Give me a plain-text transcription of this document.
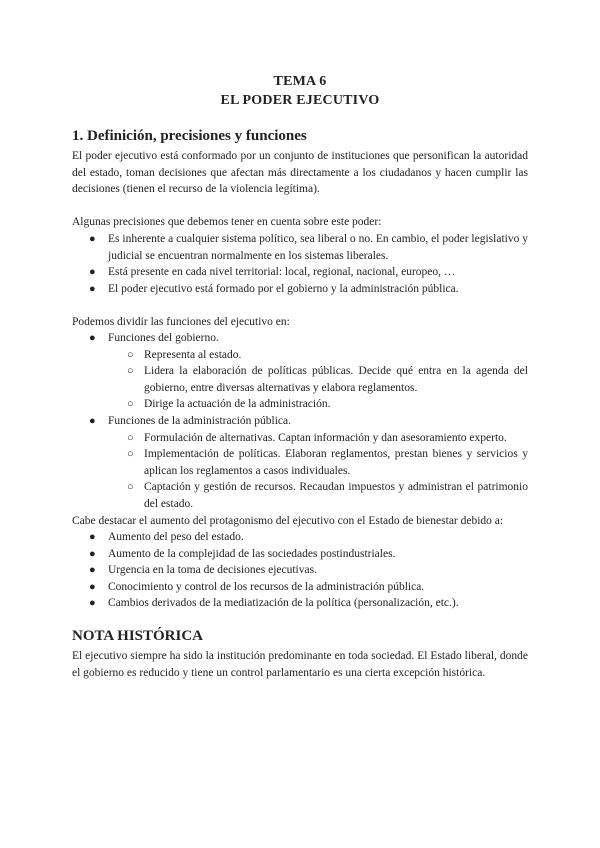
TEMA 6
EL PODER EJECUTIVO
1. Definición, precisiones y funciones
El poder ejecutivo está conformado por un conjunto de instituciones que personifican la autoridad del estado, toman decisiones que afectan más directamente a los ciudadanos y hacen cumplir las decisiones (tienen el recurso de la violencia legítima).
Algunas precisiones que debemos tener en cuenta sobre este poder:
● Es inherente a cualquier sistema político, sea liberal o no. En cambio, el poder legislativo y judicial se encuentran normalmente en los sistemas liberales.
● Está presente en cada nivel territorial: local, regional, nacional, europeo, …
● El poder ejecutivo está formado por el gobierno y la administración pública.
Podemos dividir las funciones del ejecutivo en:
● Funciones del gobierno.
○ Representa al estado.
○ Lidera la elaboración de políticas públicas. Decide qué entra en la agenda del gobierno, entre diversas alternativas y elabora reglamentos.
○ Dirige la actuación de la administración.
● Funciones de la administración pública.
○ Formulación de alternativas. Captan información y dan asesoramiento experto.
○ Implementación de políticas. Elaboran reglamentos, prestan bienes y servicios y aplican los reglamentos a casos individuales.
○ Captación y gestión de recursos. Recaudan impuestos y administran el patrimonio del estado.
Cabe destacar el aumento del protagonismo del ejecutivo con el Estado de bienestar debido a:
● Aumento del peso del estado.
● Aumento de la complejidad de las sociedades postindustriales.
● Urgencia en la toma de decisiones ejecutivas.
● Conocimiento y control de los recursos de la administración pública.
● Cambios derivados de la mediatización de la política (personalización, etc.).
NOTA HISTÓRICA
El ejecutivo siempre ha sido la institución predominante en toda sociedad. El Estado liberal, donde el gobierno es reducido y tiene un control parlamentario es una cierta excepción histórica.
